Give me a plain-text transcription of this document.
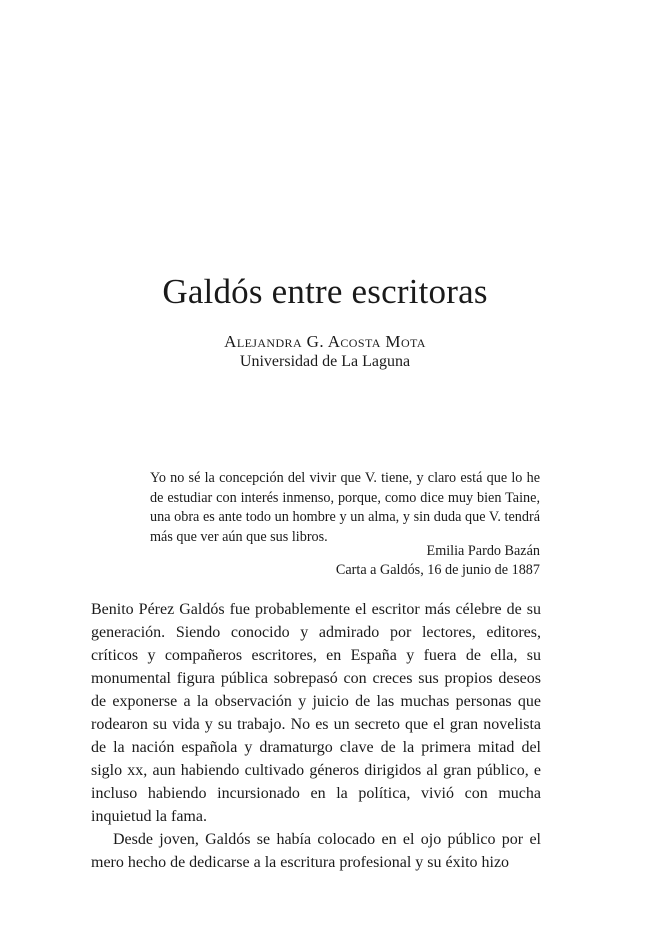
Galdós entre escritoras
Alejandra G. Acosta Mota
Universidad de La Laguna

Yo no sé la concepción del vivir que V. tiene, y claro está que lo he de estudiar con interés inmenso, porque, como dice muy bien Taine, una obra es ante todo un hombre y un alma, y sin duda que V. tendrá más que ver aún que sus libros.

Emilia Pardo Bazán
Carta a Galdós, 16 de junio de 1887

Benito Pérez Galdós fue probablemente el escritor más célebre de su generación. Siendo conocido y admirado por lectores, editores, críticos y compañeros escritores, en España y fuera de ella, su monumental figura pública sobrepasó con creces sus propios deseos de exponerse a la observación y juicio de las muchas personas que rodearon su vida y su trabajo. No es un secreto que el gran novelista de la nación española y dramaturgo clave de la primera mitad del siglo xx, aun habiendo cultivado géneros dirigidos al gran público, e incluso habiendo incursionado en la política, vivió con mucha inquietud la fama.

Desde joven, Galdós se había colocado en el ojo público por el mero hecho de dedicarse a la escritura profesional y su éxito hizo
